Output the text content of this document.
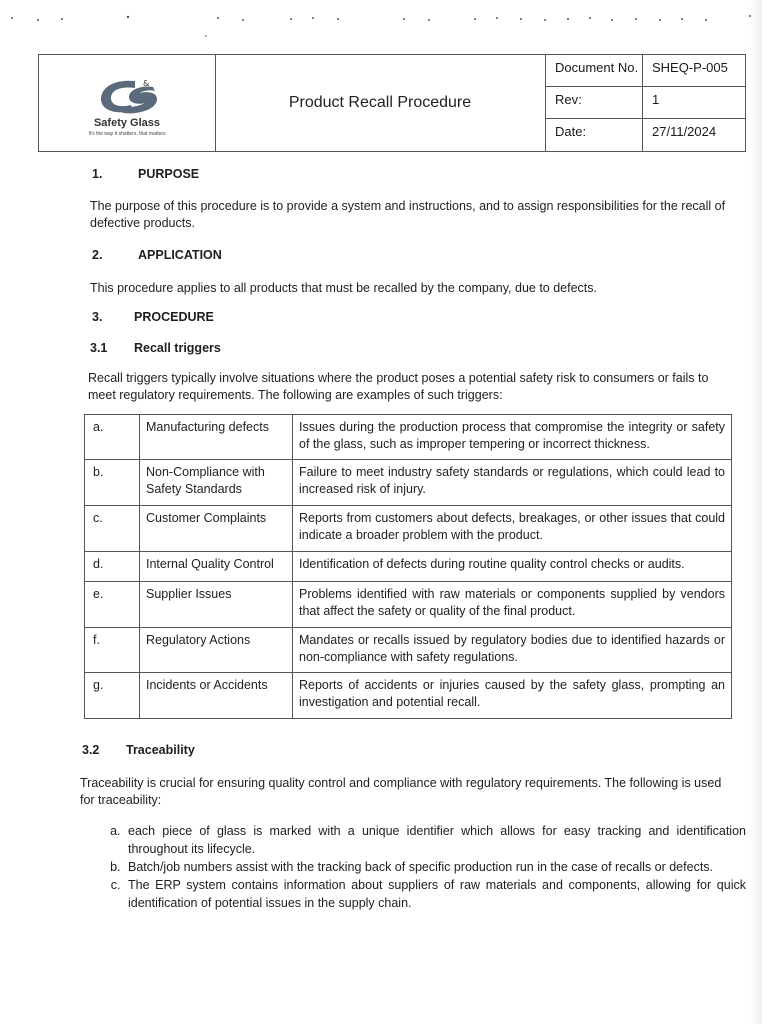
&
Safety Glass
It's the way it shatters, that matters
Product Recall Procedure
Document No.	SHEQ-P-005
Rev:	1
Date:	27/11/2024
1.	PURPOSE
The purpose of this procedure is to provide a system and instructions, and to assign responsibilities for the recall of defective products.
2.	APPLICATION
This procedure applies to all products that must be recalled by the company, due to defects.
3.	PROCEDURE
3.1 Recall triggers
Recall triggers typically involve situations where the product poses a potential safety risk to consumers or fails to meet regulatory requirements. The following are examples of such triggers:
a.	Manufacturing defects	Issues during the production process that compromise the integrity or safety of the glass, such as improper tempering or incorrect thickness.
b.	Non-Compliance with Safety Standards	Failure to meet industry safety standards or regulations, which could lead to increased risk of injury.
c.	Customer Complaints	Reports from customers about defects, breakages, or other issues that could indicate a broader problem with the product.
d.	Internal Quality Control	Identification of defects during routine quality control checks or audits.
e.	Supplier Issues	Problems identified with raw materials or components supplied by vendors that affect the safety or quality of the final product.
f.	Regulatory Actions	Mandates or recalls issued by regulatory bodies due to identified hazards or non-compliance with safety regulations.
g.	Incidents or Accidents	Reports of accidents or injuries caused by the safety glass, prompting an investigation and potential recall.
3.2 Traceability
Traceability is crucial for ensuring quality control and compliance with regulatory requirements. The following is used for traceability:
a. each piece of glass is marked with a unique identifier which allows for easy tracking and identification throughout its lifecycle.
b. Batch/job numbers assist with the tracking back of specific production run in the case of recalls or defects.
c. The ERP system contains information about suppliers of raw materials and components, allowing for quick identification of potential issues in the supply chain.
